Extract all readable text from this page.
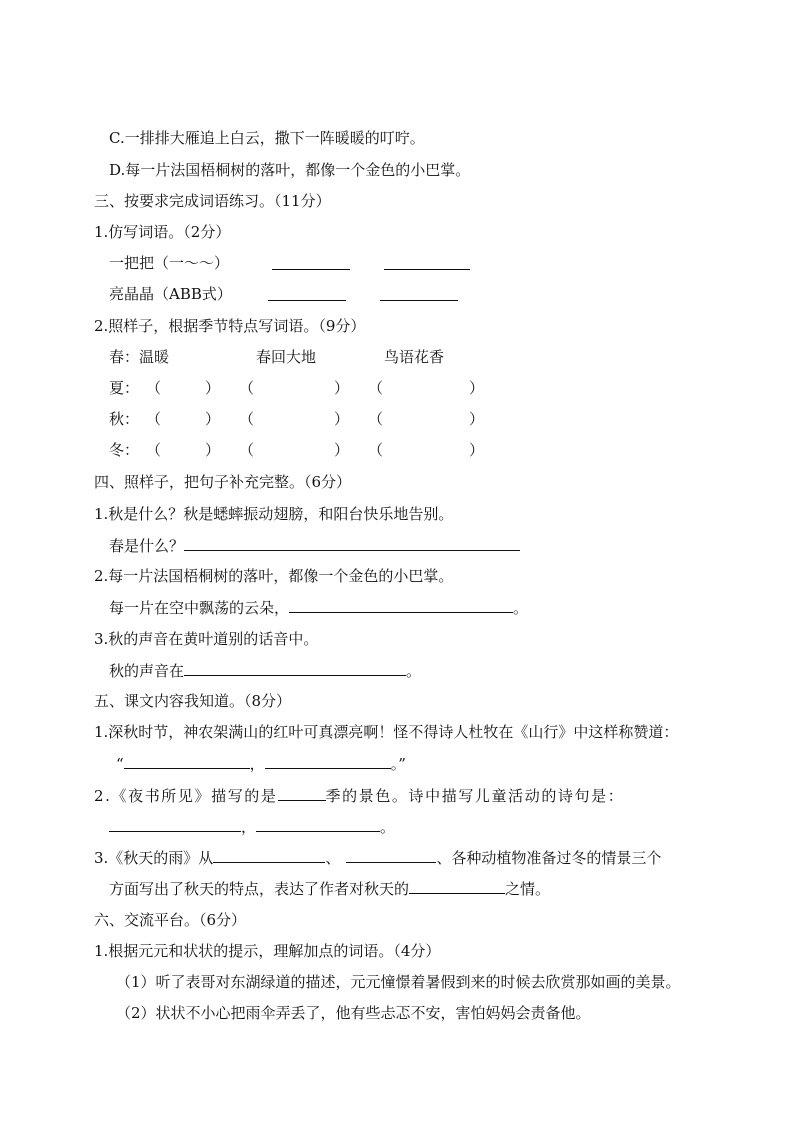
C.一排排大雁追上白云，撒下一阵暖暖的叮咛。
D.每一片法国梧桐树的落叶，都像一个金色的小巴掌。
三、按要求完成词语练习。（11分）
1.仿写词语。（2分）
一把把（一～～）
亮晶晶（ABB式）
2.照样子，根据季节特点写词语。（9分）
春：温暖	春回大地	鸟语花香
夏： （	） （	） （	）
秋： （	） （	） （	）
冬： （	） （	） （	）
四、照样子，把句子补充完整。（6分）
1.秋是什么？秋是蟋蟀振动翅膀，和阳台快乐地告别。
春是什么？
2.每一片法国梧桐树的落叶，都像一个金色的小巴掌。
每一片在空中飘荡的云朵，	。
3.秋的声音在黄叶道别的话音中。
秋的声音在	。
五、课文内容我知道。（8分）
1.深秋时节，神农架满山的红叶可真漂亮啊！怪不得诗人杜牧在《山行》中这样称赞道：
“	，	。”
2.《夜书所见》描写的是	季的景色。诗中描写儿童活动的诗句是：
，	。
3.《秋天的雨》从	、	、各种动植物准备过冬的情景三个
方面写出了秋天的特点，表达了作者对秋天的	之情。
六、交流平台。（6分）
1.根据元元和状状的提示，理解加点的词语。（4分）
（1）听了表哥对东湖绿道的描述，元元憧憬着暑假到来的时候去欣赏那如画的美景。
（2）状状不小心把雨伞弄丢了，他有些忐忑不安，害怕妈妈会责备他。
